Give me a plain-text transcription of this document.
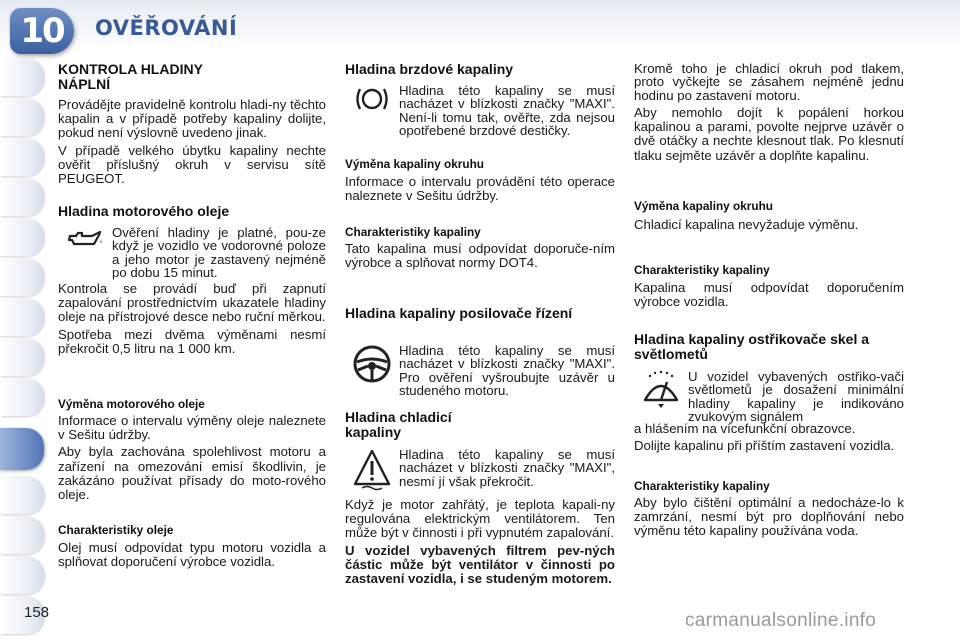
10	OVĚŘOVÁNÍ
KONTROLA HLADINY NÁPLNÍ

Provádějte pravidelně kontrolu hladi-ny těchto kapalin a v případě potřeby kapaliny dolijte, pokud není výslovně uvedeno jinak.

V případě velkého úbytku kapaliny nechte ověřit příslušný okruh v servisu sítě PEUGEOT.

Hladina motorového oleje

Ověření hladiny je platné, pou-ze když je vozidlo ve vodorovné poloze a jeho motor je zastavený nejméně po dobu 15 minut.

Kontrola se provádí buď při zapnutí zapalování prostřednictvím ukazatele hladiny oleje na přístrojové desce nebo ruční měrkou.

Spotřeba mezi dvěma výměnami nesmí překročit 0,5 litru na 1 000 km.

Výměna motorového oleje

Informace o intervalu výměny oleje naleznete v Sešitu údržby.

Aby byla zachována spolehlivost motoru a zařízení na omezování emisí škodlivin, je zakázáno používat přísady do moto-rového oleje.

Charakteristiky oleje

Olej musí odpovídat typu motoru vozidla a splňovat doporučení výrobce vozidla.

Hladina brzdové kapaliny

Hladina této kapaliny se musí nacházet v blízkosti značky "MAXI". Není-li tomu tak, ověřte, zda nejsou opotřebené brzdové destičky.

Výměna kapaliny okruhu

Informace o intervalu provádění této operace naleznete v Sešitu údržby.

Charakteristiky kapaliny

Tato kapalina musí odpovídat doporuče-ním výrobce a splňovat normy DOT4.

Hladina kapaliny posilovače řízení

Hladina této kapaliny se musí nacházet v blízkosti značky "MAXI". Pro ověření vyšroubujte uzávěr u studeného motoru.

Hladina chladicí kapaliny

Hladina této kapaliny se musí nacházet v blízkosti značky "MAXI", nesmí jí však překročit.

Když je motor zahřátý, je teplota kapali-ny regulována elektrickým ventilátorem. Ten může být v činnosti i při vypnutém zapalování.

U vozidel vybavených filtrem pev-ných částic může být ventilátor v činnosti po zastavení vozidla, i se studeným motorem.

Kromě toho je chladicí okruh pod tlakem, proto vyčkejte se zásahem nejméně jednu hodinu po zastavení motoru.

Aby nemohlo dojít k popálení horkou kapalinou a parami, povolte nejprve uzávěr o dvě otáčky a nechte klesnout tlak. Po klesnutí tlaku sejměte uzávěr a doplňte kapalinu.

Výměna kapaliny okruhu

Chladicí kapalina nevyžaduje výměnu.

Charakteristiky kapaliny

Kapalina musí odpovídat doporučením výrobce vozidla.

Hladina kapaliny ostřikovače skel a světlometů

U vozidel vybavených ostřiko-vači světlometů je dosažení minimální hladiny kapaliny je indikováno zvukovým signálem

a hlášením na vícefunkční obrazovce.

Dolijte kapalinu při příštím zastavení vozidla.

Charakteristiky kapaliny

Aby bylo čištění optimální a nedocháze-lo k zamrzání, nesmí být pro doplňování nebo výměnu této kapaliny používána voda.

158	carmanualsonline.info
